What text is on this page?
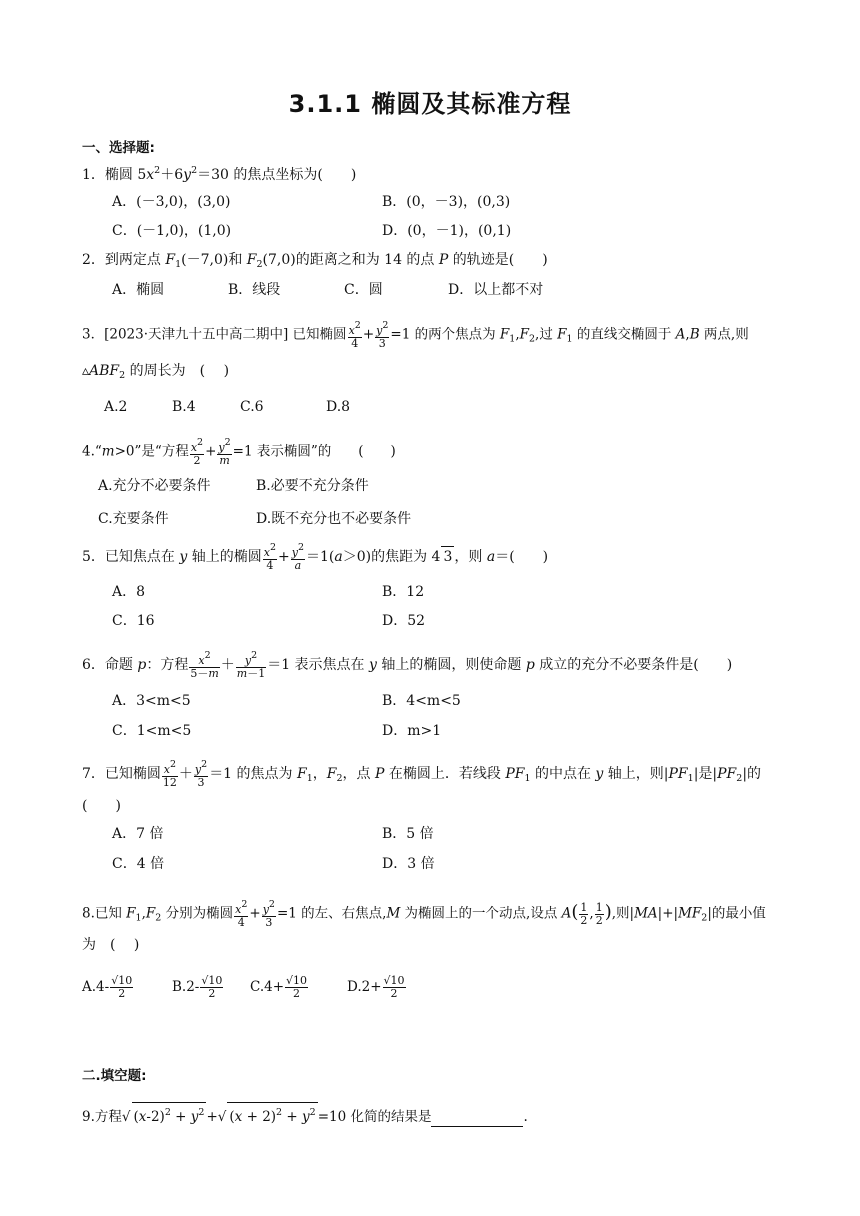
3.1.1 椭圆及其标准方程
一、选择题:
1．椭圆 $5x^2+6y^2=30$ 的焦点坐标为(　　)
A．(－3,0)，(3,0)	B．(0，－3)，(0,3)
C．(－1,0)，(1,0)	D．(0，－1)，(0,1)
2．到两定点 $F_1(-7,0)$和 $F_2(7,0)$的距离之和为 14 的点 P 的轨迹是(　　)
A．椭圆	B．线段	C．圆	D．以上都不对
3．[2023·天津九十五中高二期中] 已知椭圆 $\frac{x^2}{4} + \frac{y^2}{3} =1$ 的两个焦点为 $F_1,F_2$,过 $F_1$ 的直线交椭圆于 A,B 两点,则
$▵ABF_2$ 的周长为　(　 )
A.2	B.4	C.6	D.8
4.“m>0”是“方程 $\frac{x^2}{2} + \frac{y^2}{m} =1$ 表示椭圆”的　　(　　)
A.充分不必要条件	B.必要不充分条件
C.充要条件	D.既不充分也不必要条件
5．已知焦点在 y 轴上的椭圆 $\frac{x^2}{4} + \frac{y^2}{a} =1(a>0)$的焦距为 4 3 ，则 a＝(　　)
A．8	B．12
C．16	D．52
6．命题 p：方程 $\frac{x^2}{5-m} + \frac{y^2}{m-1} =1$ 表示焦点在 y 轴上的椭圆，则使命题 p 成立的充分不必要条件是(　　)
A．3<m<5	B．4<m<5
C．1<m<5	D．m>1
7．已知椭圆 $\frac{x^2}{12} + \frac{y^2}{3} =1$ 的焦点为 $F_1$，$F_2$，点 P 在椭圆上．若线段 $PF_1$ 的中点在 y 轴上，则$|PF_1|$是$|PF_2|$的
(　　)
A．7 倍	B．5 倍
C．4 倍	D．3 倍
8.已知 $F_1,F_2$ 分别为椭圆 $\frac{x^2}{4} + \frac{y^2}{3} =1$ 的左、右焦点,M 为椭圆上的一个动点,设点 $A( \frac{1}{2}$ , $\frac{1}{2}$ ),则$|MA|+|MF_2|$的最小值
为　(　 )
$A.4- \frac{√10}{2}$	$B.2- \frac{√10}{2} C.4+ \frac{√10}{2}$	$D.2+ \frac{√10}{2}$
二.填空题:
9.方程√ $(x-2)^2 + y^2$ +√ $(x + 2)^2 + y^2 =10$ 化简的结果是	.
